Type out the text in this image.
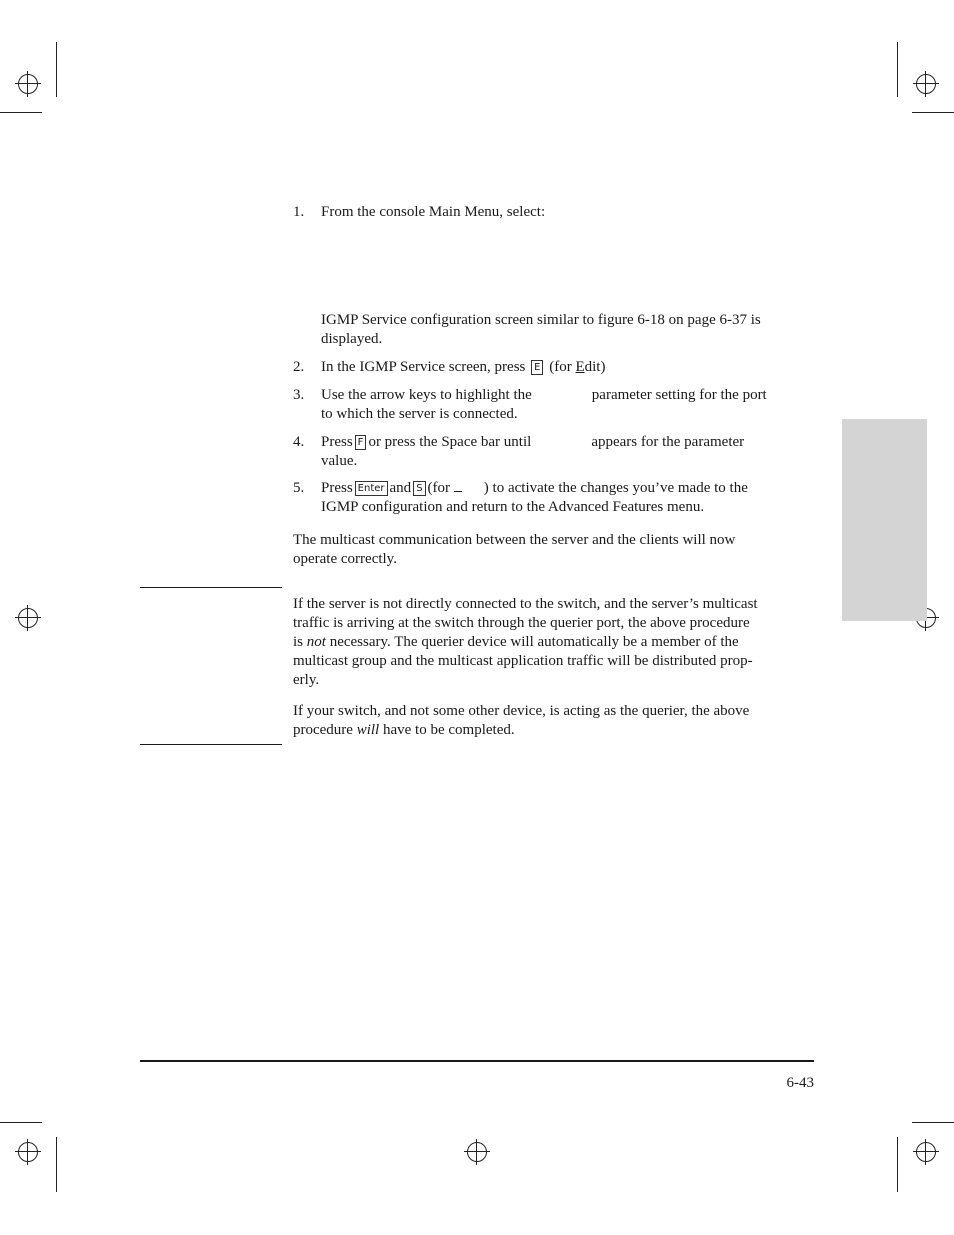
1. From the console Main Menu, select:
IGMP Service configuration screen similar to figure 6-18 on page 6-37 is
displayed.
2. In the IGMP Service screen, press E (for Edit)
3. Use the arrow keys to highlight the	parameter setting for the port
to which the server is connected.
4. Press F or press the Space bar until	appears for the parameter
value.
5. Press Enter and S (for ) to activate the changes you’ve made to the
IGMP configuration and return to the Advanced Features menu.
The multicast communication between the server and the clients will now
operate correctly.
If the server is not directly connected to the switch, and the server’s multicast
traffic is arriving at the switch through the querier port, the above procedure
is not necessary. The querier device will automatically be a member of the
multicast group and the multicast application traffic will be distributed prop-
erly.
If your switch, and not some other device, is acting as the querier, the above
procedure will have to be completed.
6-43
